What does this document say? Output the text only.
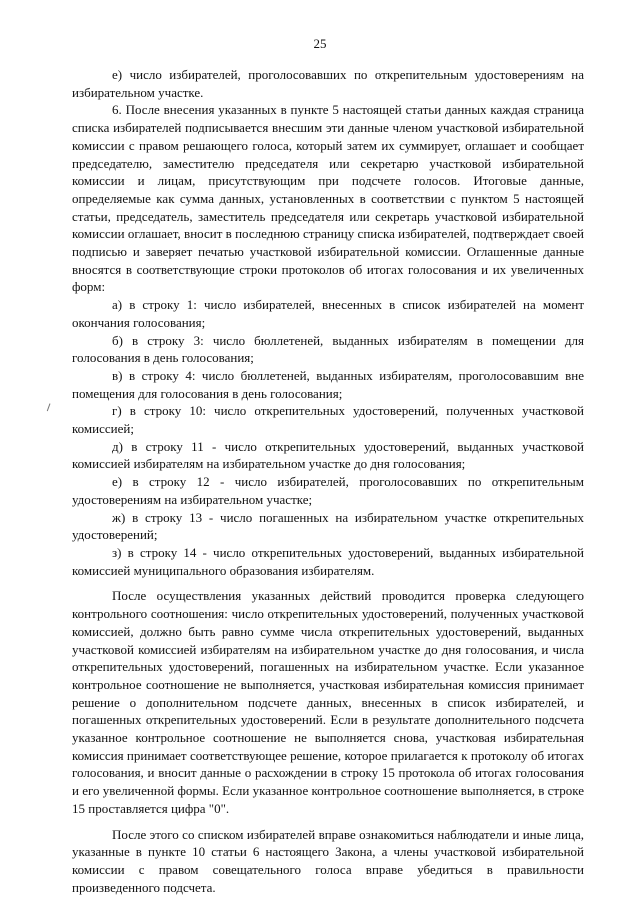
25

е) число избирателей, проголосовавших по открепительным удостоверениям на избирательном участке.

6. После внесения указанных в пункте 5 настоящей статьи данных каждая страница списка избирателей подписывается внесшим эти данные членом участковой избирательной комиссии с правом решающего голоса, который затем их суммирует, оглашает и сообщает председателю, заместителю председателя или секретарю участковой избирательной комиссии и лицам, присутствующим при подсчете голосов. Итоговые данные, определяемые как сумма данных, установленных в соответствии с пунктом 5 настоящей статьи, председатель, заместитель председателя или секретарь участковой избирательной комиссии оглашает, вносит в последнюю страницу списка избирателей, подтверждает своей подписью и заверяет печатью участковой избирательной комиссии. Оглашенные данные вносятся в соответствующие строки протоколов об итогах голосования и их увеличенных форм:

а) в строку 1: число избирателей, внесенных в список избирателей на момент окончания голосования;

б) в строку 3: число бюллетеней, выданных избирателям в помещении для голосования в день голосования;

в) в строку 4: число бюллетеней, выданных избирателям, проголосовавшим вне помещения для голосования в день голосования;

г) в строку 10: число открепительных удостоверений, полученных участковой комиссией;

д) в строку 11 - число открепительных удостоверений, выданных участковой комиссией избирателям на избирательном участке до дня голосования;

е) в строку 12 - число избирателей, проголосовавших по открепительным удостоверениям на избирательном участке;

ж) в строку 13 - число погашенных на избирательном участке открепительных удостоверений;

з) в строку 14 - число открепительных удостоверений, выданных избирательной комиссией муниципального образования избирателям.

После осуществления указанных действий проводится проверка следующего контрольного соотношения: число открепительных удостоверений, полученных участковой комиссией, должно быть равно сумме числа открепительных удостоверений, выданных участковой комиссией избирателям на избирательном участке до дня голосования, и числа открепительных удостоверений, погашенных на избирательном участке. Если указанное контрольное соотношение не выполняется, участковая избирательная комиссия принимает решение о дополнительном подсчете данных, внесенных в список избирателей, и погашенных открепительных удостоверений. Если в результате дополнительного подсчета указанное контрольное соотношение не выполняется снова, участковая избирательная комиссия принимает соответствующее решение, которое прилагается к протоколу об итогах голосования, и вносит данные о расхождении в строку 15 протокола об итогах голосования и его увеличенной формы. Если указанное контрольное соотношение выполняется, в строке 15 проставляется цифра "0".

После этого со списком избирателей вправе ознакомиться наблюдатели и иные лица, указанные в пункте 10 статьи 6 настоящего Закона, а члены участковой избирательной комиссии с правом совещательного голоса вправе убедиться в правильности произведенного подсчета.
